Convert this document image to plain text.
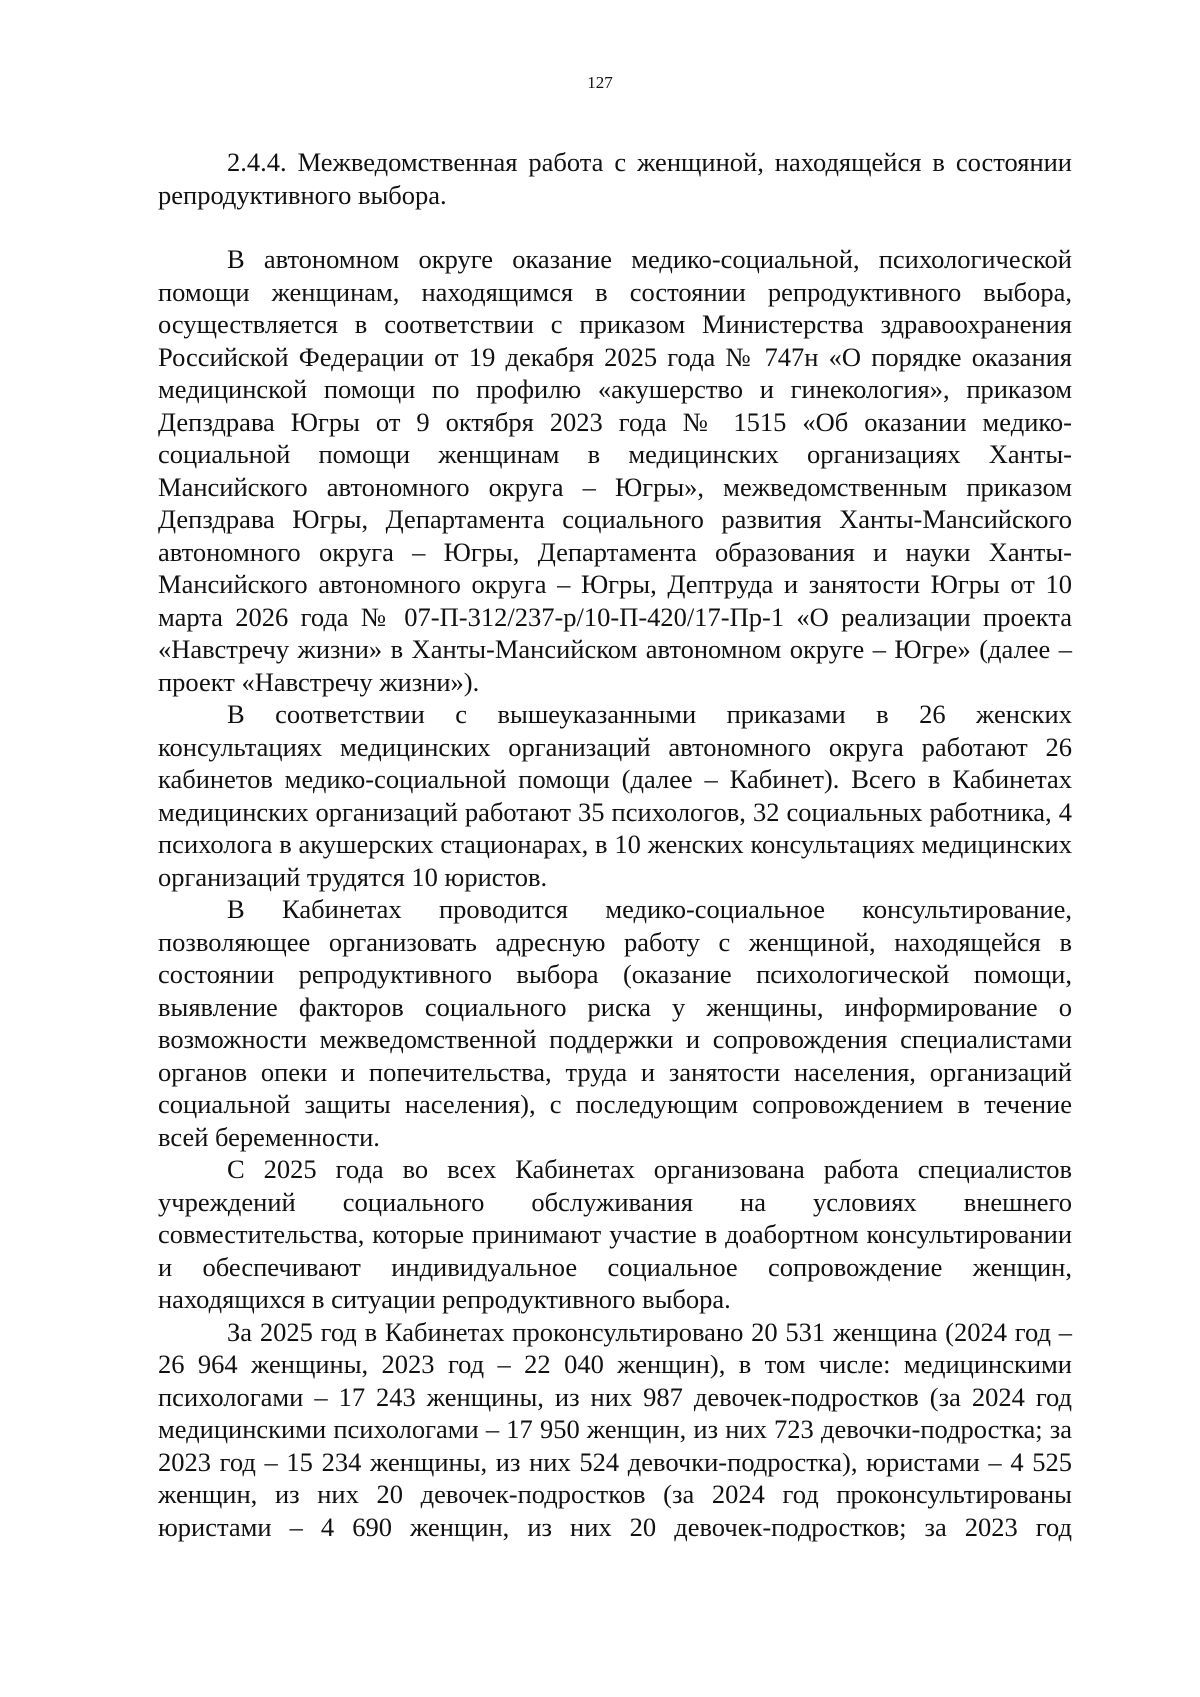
127

2.4.4. Межведомственная работа с женщиной, находящейся в состоянии репродуктивного выбора.

В автономном округе оказание медико-социальной, психологической помощи женщинам, находящимся в состоянии репродуктивного выбора, осуществляется в соответствии с приказом Министерства здравоохранения Российской Федерации от 19 декабря 2025 года № 747н «О порядке оказания медицинской помощи по профилю «акушерство и гинекология», приказом Депздрава Югры от 9 октября 2023 года № 1515 «Об оказании медико-социальной помощи женщинам в медицинских организациях Ханты-Мансийского автономного округа – Югры», межведомственным приказом Депздрава Югры, Департамента социального развития Ханты-Мансийского автономного округа – Югры, Департамента образования и науки Ханты-Мансийского автономного округа – Югры, Дептруда и занятости Югры от 10 марта 2026 года № 07-П-312/237-р/10-П-420/17-Пр-1 «О реализации проекта «Навстречу жизни» в Ханты-Мансийском автономном округе – Югре» (далее – проект «Навстречу жизни»).

В соответствии с вышеуказанными приказами в 26 женских консультациях медицинских организаций автономного округа работают 26 кабинетов медико-социальной помощи (далее – Кабинет). Всего в Кабинетах медицинских организаций работают 35 психологов, 32 социальных работника, 4 психолога в акушерских стационарах, в 10 женских консультациях медицинских организаций трудятся 10 юристов.

В Кабинетах проводится медико-социальное консультирование, позволяющее организовать адресную работу с женщиной, находящейся в состоянии репродуктивного выбора (оказание психологической помощи, выявление факторов социального риска у женщины, информирование о возможности межведомственной поддержки и сопровождения специалистами органов опеки и попечительства, труда и занятости населения, организаций социальной защиты населения), с последующим сопровождением в течение всей беременности.

С 2025 года во всех Кабинетах организована работа специалистов учреждений социального обслуживания на условиях внешнего совместительства, которые принимают участие в доабортном консультировании и обеспечивают индивидуальное социальное сопровождение женщин, находящихся в ситуации репродуктивного выбора.

За 2025 год в Кабинетах проконсультировано 20 531 женщина (2024 год – 26 964 женщины, 2023 год – 22 040 женщин), в том числе: медицинскими психологами – 17 243 женщины, из них 987 девочек-подростков (за 2024 год медицинскими психологами – 17 950 женщин, из них 723 девочки-подростка; за 2023 год – 15 234 женщины, из них 524 девочки-подростка), юристами – 4 525 женщин, из них 20 девочек-подростков (за 2024 год проконсультированы юристами – 4 690 женщин, из них 20 девочек-подростков; за 2023 год
